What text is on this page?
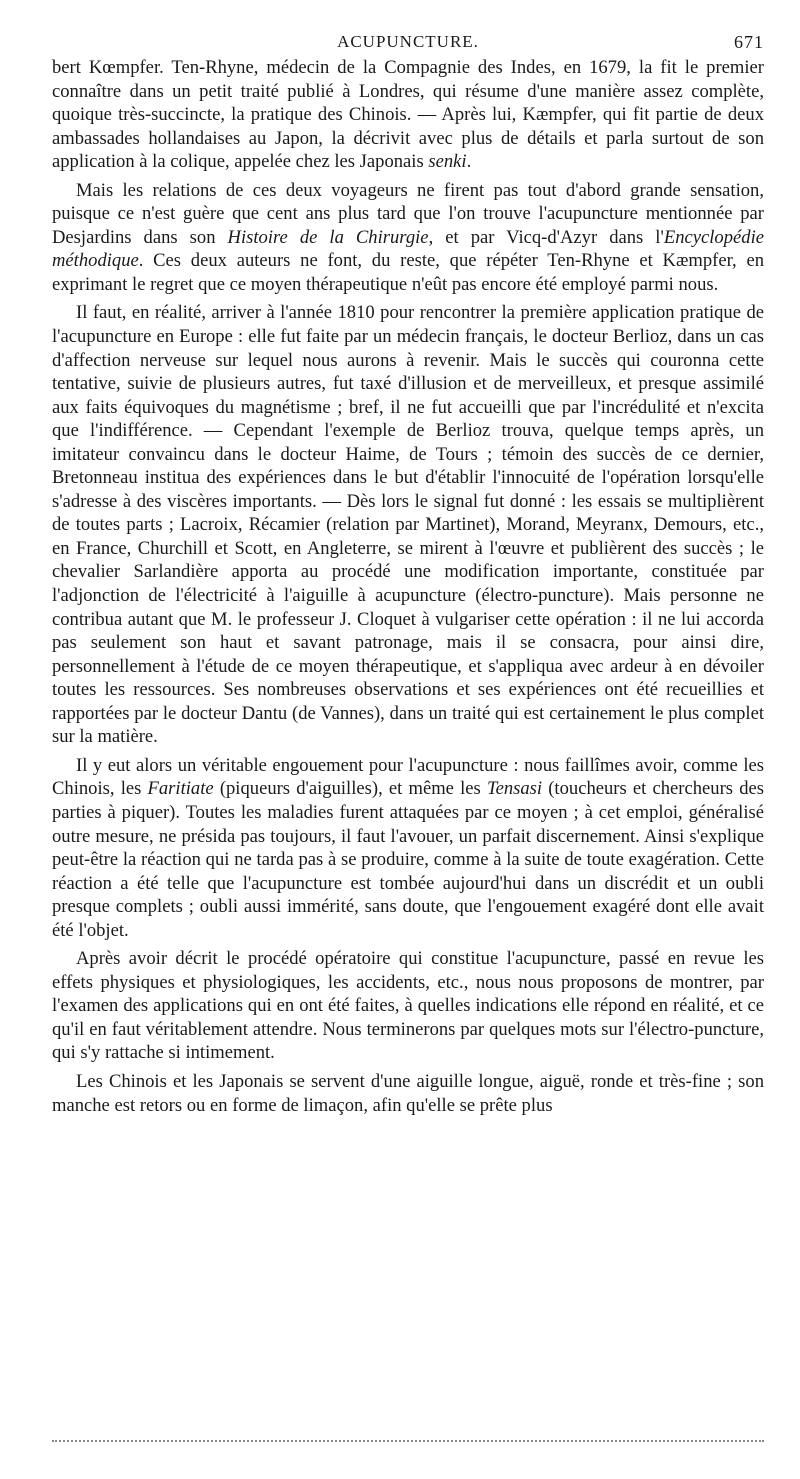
ACUPUNCTURE.	671

bert Kœmpfer. Ten-Rhyne, médecin de la Compagnie des Indes, en 1679, la fit le premier connaître dans un petit traité publié à Londres, qui résume d'une manière assez complète, quoique très-succincte, la pratique des Chinois. — Après lui, Kæmpfer, qui fit partie de deux ambassades hollandaises au Japon, la décrivit avec plus de détails et parla surtout de son application à la colique, appelée chez les Japonais senki.

Mais les relations de ces deux voyageurs ne firent pas tout d'abord grande sensation, puisque ce n'est guère que cent ans plus tard que l'on trouve l'acupuncture mentionnée par Desjardins dans son Histoire de la Chirurgie, et par Vicq-d'Azyr dans l'Encyclopédie méthodique. Ces deux auteurs ne font, du reste, que répéter Ten-Rhyne et Kæmpfer, en exprimant le regret que ce moyen thérapeutique n'eût pas encore été employé parmi nous.

Il faut, en réalité, arriver à l'année 1810 pour rencontrer la première application pratique de l'acupuncture en Europe : elle fut faite par un médecin français, le docteur Berlioz, dans un cas d'affection nerveuse sur lequel nous aurons à revenir. Mais le succès qui couronna cette tentative, suivie de plusieurs autres, fut taxé d'illusion et de merveilleux, et presque assimilé aux faits équivoques du magnétisme ; bref, il ne fut accueilli que par l'incrédulité et n'excita que l'indifférence. — Cependant l'exemple de Berlioz trouva, quelque temps après, un imitateur convaincu dans le docteur Haime, de Tours ; témoin des succès de ce dernier, Bretonneau institua des expériences dans le but d'établir l'innocuité de l'opération lorsqu'elle s'adresse à des viscères importants. — Dès lors le signal fut donné : les essais se multiplièrent de toutes parts ; Lacroix, Récamier (relation par Martinet), Morand, Meyranx, Demours, etc., en France, Churchill et Scott, en Angleterre, se mirent à l'œuvre et publièrent des succès ; le chevalier Sarlandière apporta au procédé une modification importante, constituée par l'adjonction de l'électricité à l'aiguille à acupuncture (électro-puncture). Mais personne ne contribua autant que M. le professeur J. Cloquet à vulgariser cette opération : il ne lui accorda pas seulement son haut et savant patronage, mais il se consacra, pour ainsi dire, personnellement à l'étude de ce moyen thérapeutique, et s'appliqua avec ardeur à en dévoiler toutes les ressources. Ses nombreuses observations et ses expériences ont été recueillies et rapportées par le docteur Dantu (de Vannes), dans un traité qui est certainement le plus complet sur la matière.

Il y eut alors un véritable engouement pour l'acupuncture : nous faillîmes avoir, comme les Chinois, les Faritiate (piqueurs d'aiguilles), et même les Tensasi (toucheurs et chercheurs des parties à piquer). Toutes les maladies furent attaquées par ce moyen ; à cet emploi, généralisé outre mesure, ne présida pas toujours, il faut l'avouer, un parfait discernement. Ainsi s'explique peut-être la réaction qui ne tarda pas à se produire, comme à la suite de toute exagération. Cette réaction a été telle que l'acupuncture est tombée aujourd'hui dans un discrédit et un oubli presque complets ; oubli aussi immérité, sans doute, que l'engouement exagéré dont elle avait été l'objet.

Après avoir décrit le procédé opératoire qui constitue l'acupuncture, passé en revue les effets physiques et physiologiques, les accidents, etc., nous nous proposons de montrer, par l'examen des applications qui en ont été faites, à quelles indications elle répond en réalité, et ce qu'il en faut véritablement attendre. Nous terminerons par quelques mots sur l'électro-puncture, qui s'y rattache si intimement.

Les Chinois et les Japonais se servent d'une aiguille longue, aiguë, ronde et très-fine ; son manche est retors ou en forme de limaçon, afin qu'elle se prête plus
